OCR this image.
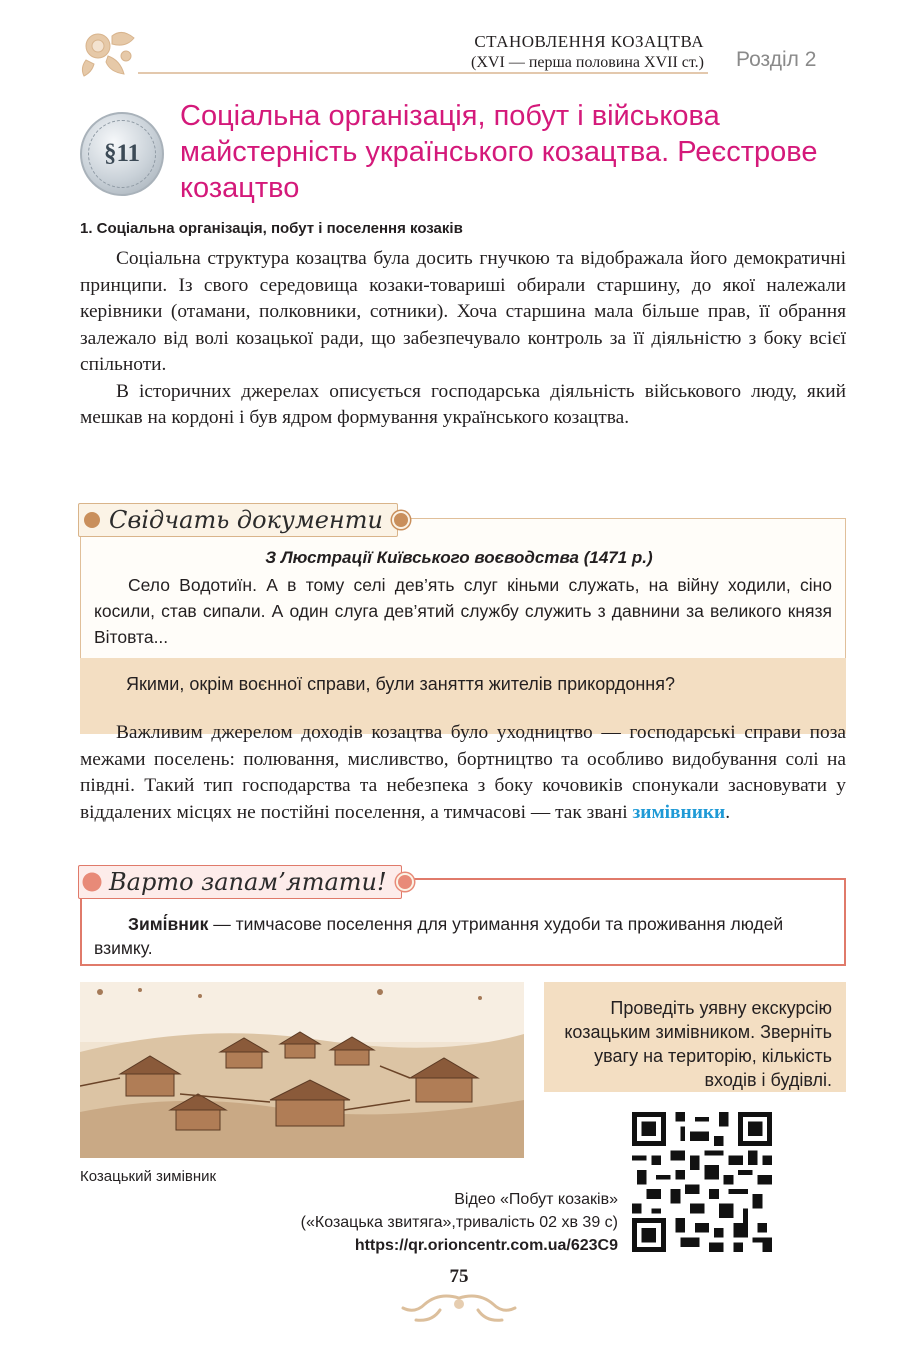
СТАНОВЛЕННЯ КОЗАЦТВА
(XVI — перша половина XVII ст.) Розділ 2
§11
Соціальна організація, побут і військова майстерність українського козацтва. Реєстрове козацтво
1. Соціальна організація, побут і поселення козаків

Соціальна структура козацтва була досить гнучкою та відображала його демократичні принципи. Із свого середовища козаки-товариші обирали старшину, до якої належали керівники (отамани, полковники, сотники). Хоча старшина мала більше прав, її обрання залежало від волі козацької ради, що забезпечувало контроль за її діяльністю з боку всієї спільноти.

В історичних джерелах описується господарська діяльність військового люду, який мешкав на кордоні і був ядром формування українського козацтва.

Свідчать документи
З Люстрації Київського воєводства (1471 р.)

Село Водотиїн. А в тому селі дев’ять слуг кіньми служать, на війну ходили, сіно косили, став сипали. А один слуга дев’ятий службу служить з давнини за великого князя Вітовта...

Якими, окрім воєнної справи, були заняття жителів прикордоння?

Важливим джерелом доходів козацтва було уходництво — господарські справи поза межами поселень: полювання, мисливство, бортництво та особливо видобування солі на півдні. Такий тип господарства та небезпека з боку кочовиків спонукали засновувати у віддалених місцях не постійні поселення, а тимчасові — так звані зимівники.

Варто запам’ятати!

Зимі́вник — тимчасове поселення для утримання худоби та проживання людей взимку.

Козацький зимівник
Проведіть уявну екскурсію козацьким зимівником. Зверніть увагу на територію, кількість входів і будівлі.
Відео «Побут козаків»
(«Козацька звитяга»,тривалість 02 хв 39 с)
https://qr.orioncentr.com.ua/623C9
75
